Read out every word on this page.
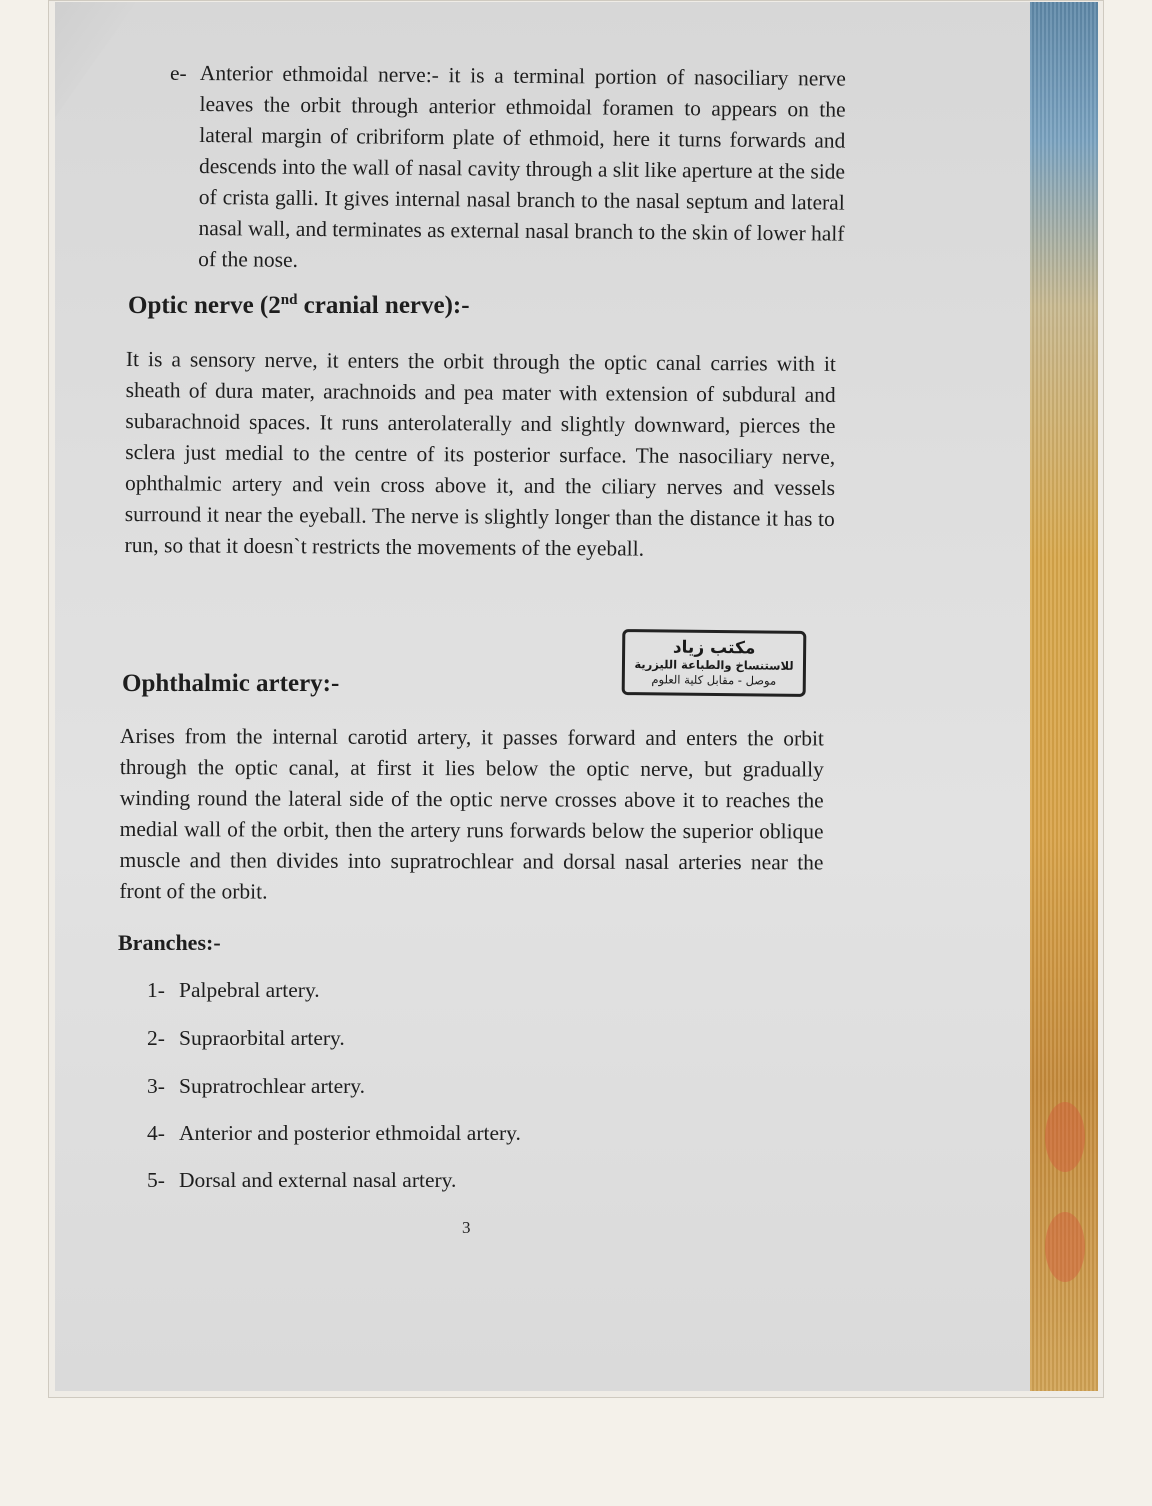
e- Anterior ethmoidal nerve:- it is a terminal portion of nasociliary nerve leaves the orbit through anterior ethmoidal foramen to appears on the lateral margin of cribriform plate of ethmoid, here it turns forwards and descends into the wall of nasal cavity through a slit like aperture at the side of crista galli. It gives internal nasal branch to the nasal septum and lateral nasal wall, and terminates as external nasal branch to the skin of lower half of the nose.

Optic nerve (2nd cranial nerve):-

It is a sensory nerve, it enters the orbit through the optic canal carries with it sheath of dura mater, arachnoids and pea mater with extension of subdural and subarachnoid spaces. It runs anterolaterally and slightly downward, pierces the sclera just medial to the centre of its posterior surface. The nasociliary nerve, ophthalmic artery and vein cross above it, and the ciliary nerves and vessels surround it near the eyeball. The nerve is slightly longer than the distance it has to run, so that it doesn`t restricts the movements of the eyeball.

مكتب زياد
للاستنساخ والطباعة الليزرية
موصل - مقابل كلية العلوم
Ophthalmic artery:-

Arises from the internal carotid artery, it passes forward and enters the orbit through the optic canal, at first it lies below the optic nerve, but gradually winding round the lateral side of the optic nerve crosses above it to reaches the medial wall of the orbit, then the artery runs forwards below the superior oblique muscle and then divides into supratrochlear and dorsal nasal arteries near the front of the orbit.

Branches:-
1- Palpebral artery.
2- Supraorbital artery.
3- Supratrochlear artery.
4- Anterior and posterior ethmoidal artery.
5- Dorsal and external nasal artery.
3
